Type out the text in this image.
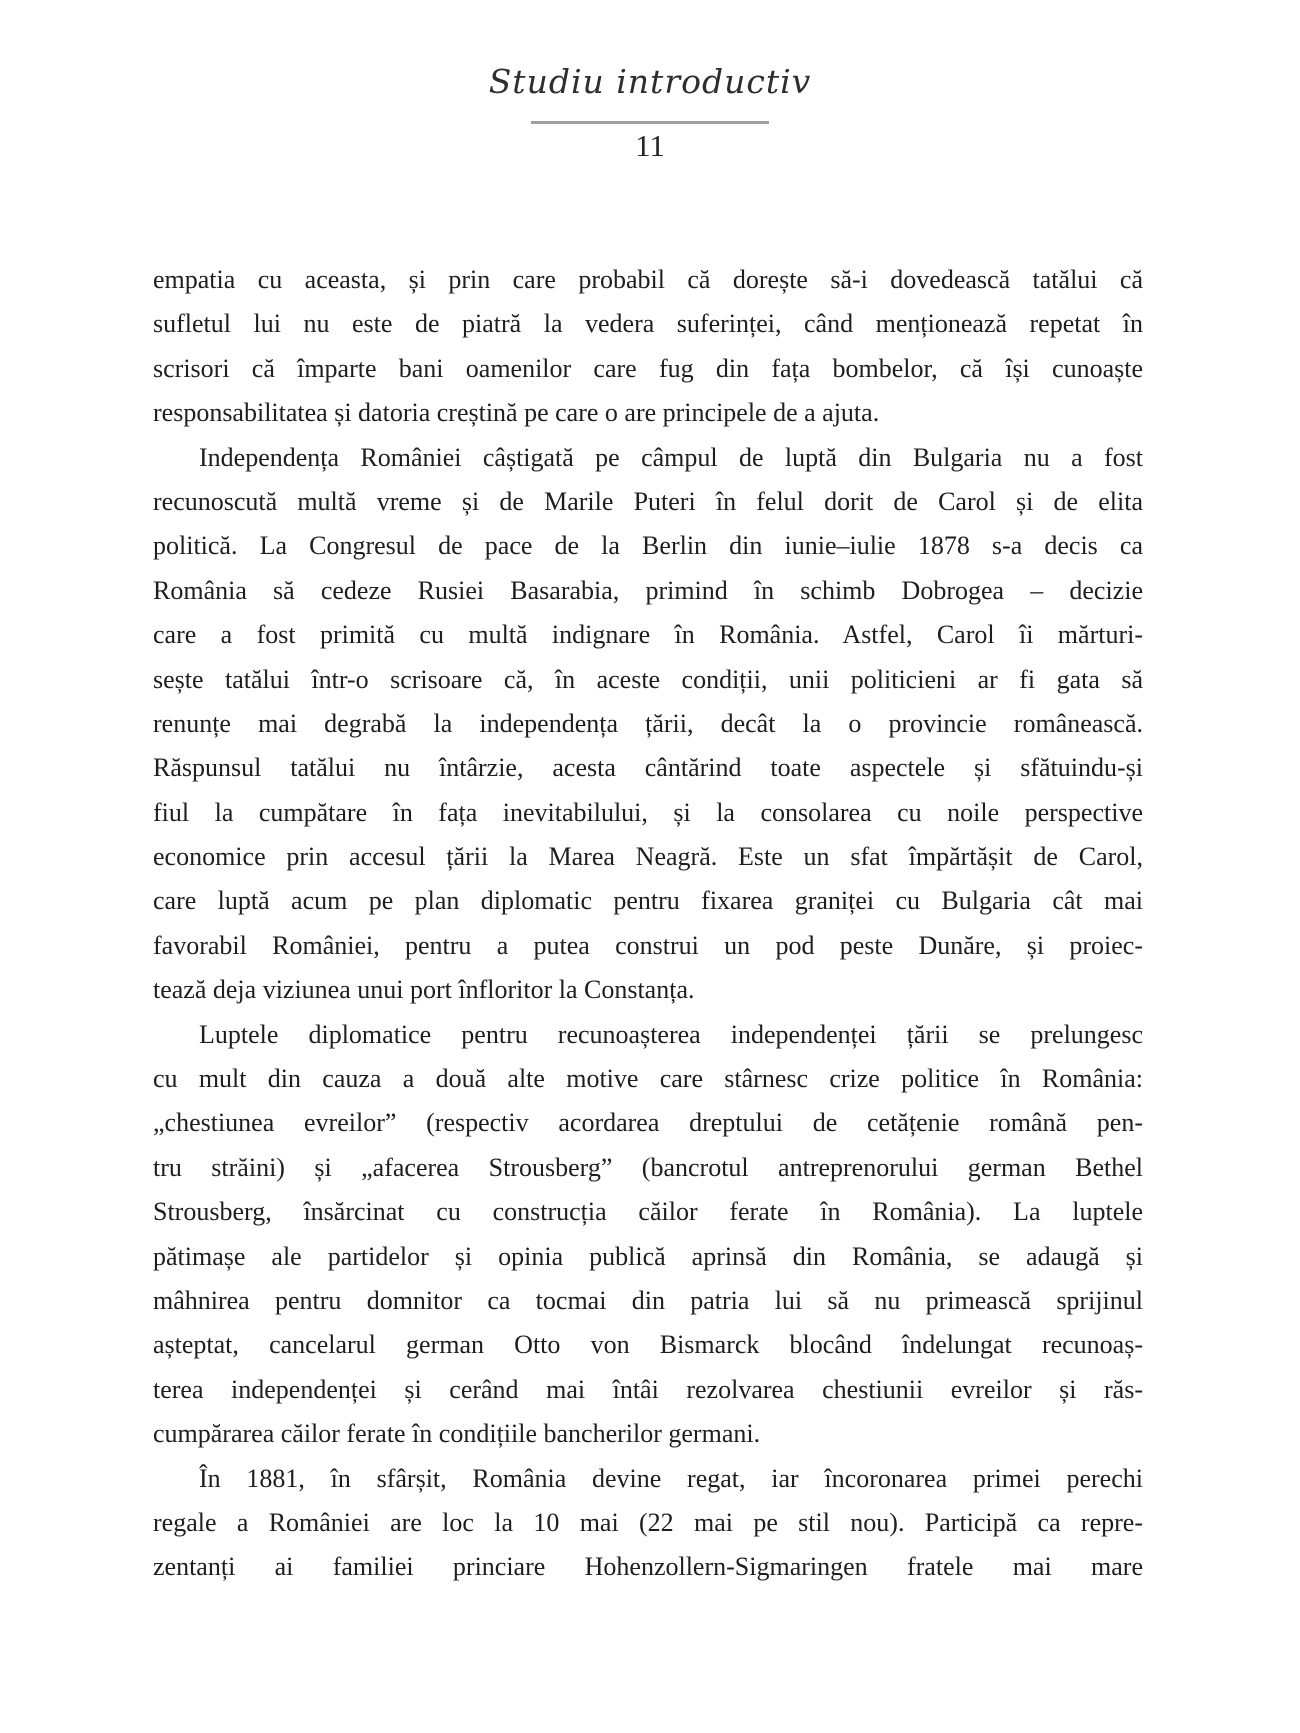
Studiu introductiv
11
empatia cu aceasta, și prin care probabil că dorește să-i dovedească tatălui că
sufletul lui nu este de piatră la vedera suferinței, când menționează repetat în
scrisori că împarte bani oamenilor care fug din fața bombelor, că își cunoaște
responsabilitatea și datoria creștină pe care o are principele de a ajuta.
Independența României câștigată pe câmpul de luptă din Bulgaria nu a fost
recunoscută multă vreme și de Marile Puteri în felul dorit de Carol și de elita
politică. La Congresul de pace de la Berlin din iunie–iulie 1878 s-a decis ca
România să cedeze Rusiei Basarabia, primind în schimb Dobrogea – decizie
care a fost primită cu multă indignare în România. Astfel, Carol îi mărturi-
sește tatălui într-o scrisoare că, în aceste condiții, unii politicieni ar fi gata să
renunțe mai degrabă la independența țării, decât la o provincie românească.
Răspunsul tatălui nu întârzie, acesta cântărind toate aspectele și sfătuindu-și
fiul la cumpătare în fața inevitabilului, și la consolarea cu noile perspective
economice prin accesul țării la Marea Neagră. Este un sfat împărtășit de Carol,
care luptă acum pe plan diplomatic pentru fixarea graniței cu Bulgaria cât mai
favorabil României, pentru a putea construi un pod peste Dunăre, și proiec-
tează deja viziunea unui port înfloritor la Constanța.
Luptele diplomatice pentru recunoașterea independenței țării se prelungesc
cu mult din cauza a două alte motive care stârnesc crize politice în România:
„chestiunea evreilor” (respectiv acordarea dreptului de cetățenie română pen-
tru străini) și „afacerea Strousberg” (bancrotul antreprenorului german Bethel
Strousberg, însărcinat cu construcția căilor ferate în România). La luptele
pătimașe ale partidelor și opinia publică aprinsă din România, se adaugă și
mâhnirea pentru domnitor ca tocmai din patria lui să nu primească sprijinul
așteptat, cancelarul german Otto von Bismarck blocând îndelungat recunoaș-
terea independenței și cerând mai întâi rezolvarea chestiunii evreilor și răs-
cumpărarea căilor ferate în condițiile bancherilor germani.
În 1881, în sfârșit, România devine regat, iar încoronarea primei perechi
regale a României are loc la 10 mai (22 mai pe stil nou). Participă ca repre-
zentanți ai familiei princiare Hohenzollern-Sigmaringen fratele mai mare
